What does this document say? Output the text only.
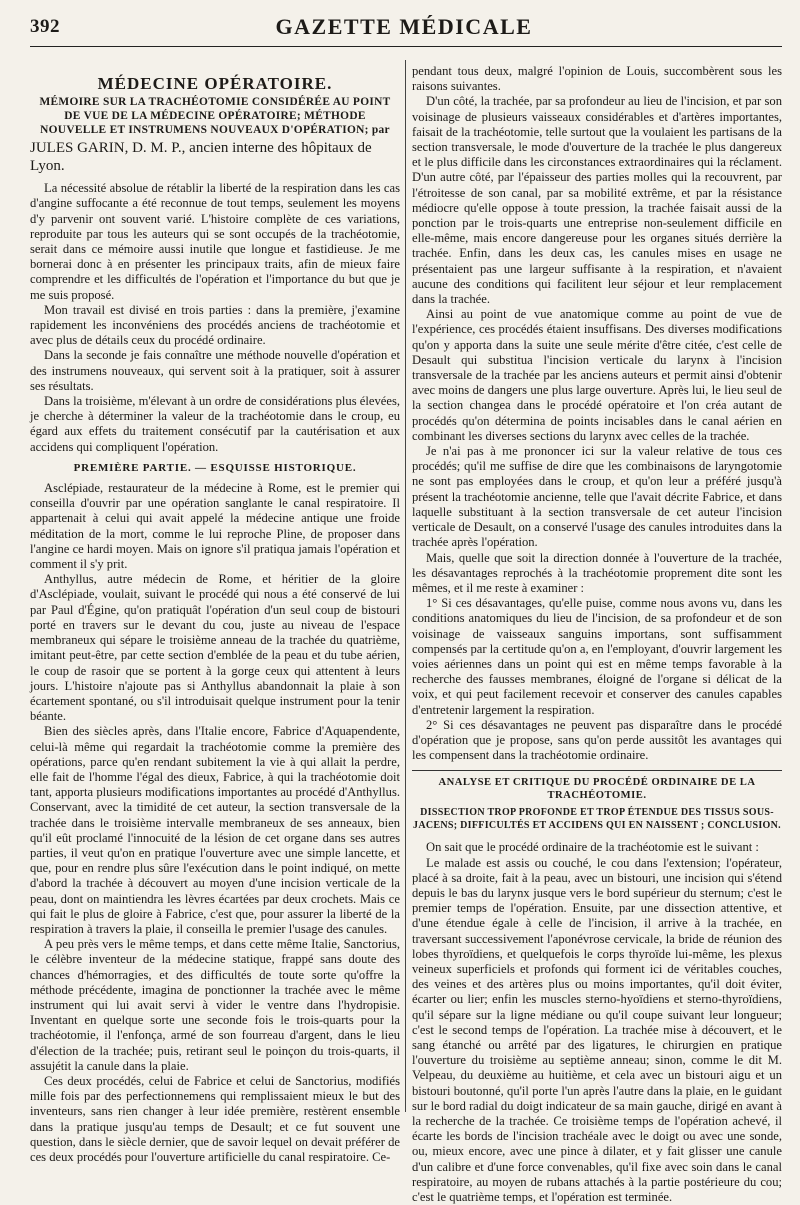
392	GAZETTE MÉDICALE
MÉDECINE OPÉRATOIRE.
MÉMOIRE SUR LA TRACHÉOTOMIE CONSIDÉRÉE AU POINT DE VUE DE LA MÉDECINE OPÉRATOIRE; MÉTHODE NOUVELLE ET INSTRUMENS NOUVEAUX D'OPÉRATION; par
JULES GARIN, D. M. P., ancien interne des hôpitaux de Lyon.

La nécessité absolue de rétablir la liberté de la respiration dans les cas d'angine suffocante a été reconnue de tout temps, seulement les moyens d'y parvenir ont souvent varié. L'histoire complète de ces variations, reproduite par tous les auteurs qui se sont occupés de la trachéotomie, serait dans ce mémoire aussi inutile que longue et fastidieuse. Je me bornerai donc à en présenter les principaux traits, afin de mieux faire comprendre et les difficultés de l'opération et l'importance du but que je me suis proposé.

Mon travail est divisé en trois parties : dans la première, j'examine rapidement les inconvéniens des procédés anciens de trachéotomie et avec plus de détails ceux du procédé ordinaire.

Dans la seconde je fais connaître une méthode nouvelle d'opération et des instrumens nouveaux, qui servent soit à la pratiquer, soit à assurer ses résultats.

Dans la troisième, m'élevant à un ordre de considérations plus élevées, je cherche à déterminer la valeur de la trachéotomie dans le croup, eu égard aux effets du traitement consécutif par la cautérisation et aux accidens qui compliquent l'opération.

PREMIÈRE PARTIE. — ESQUISSE HISTORIQUE.

Asclépiade, restaurateur de la médecine à Rome, est le premier qui conseilla d'ouvrir par une opération sanglante le canal respiratoire. Il appartenait à celui qui avait appelé la médecine antique une froide méditation de la mort, comme le lui reproche Pline, de proposer dans l'angine ce hardi moyen. Mais on ignore s'il pratiqua jamais l'opération et comment il s'y prit.

Anthyllus, autre médecin de Rome, et héritier de la gloire d'Asclépiade, voulait, suivant le procédé qui nous a été conservé de lui par Paul d'Égine, qu'on pratiquât l'opération d'un seul coup de bistouri porté en travers sur le devant du cou, juste au niveau de l'espace membraneux qui sépare le troisième anneau de la trachée du quatrième, imitant peut-être, par cette section d'emblée de la peau et du tube aérien, le coup de rasoir que se portent à la gorge ceux qui attentent à leurs jours. L'histoire n'ajoute pas si Anthyllus abandonnait la plaie à son écartement spontané, ou s'il introduisait quelque instrument pour la tenir béante.

Bien des siècles après, dans l'Italie encore, Fabrice d'Aquapendente, celui-là même qui regardait la trachéotomie comme la première des opérations, parce qu'en rendant subitement la vie à qui allait la perdre, elle fait de l'homme l'égal des dieux, Fabrice, à qui la trachéotomie doit tant, apporta plusieurs modifications importantes au procédé d'Anthyllus. Conservant, avec la timidité de cet auteur, la section transversale de la trachée dans le troisième intervalle membraneux de ses anneaux, bien qu'il eût proclamé l'innocuité de la lésion de cet organe dans ses autres parties, il veut qu'on en pratique l'ouverture avec une simple lancette, et que, pour en rendre plus sûre l'exécution dans le point indiqué, on mette d'abord la trachée à découvert au moyen d'une incision verticale de la peau, dont on maintiendra les lèvres écartées par deux crochets. Mais ce qui fait le plus de gloire à Fabrice, c'est que, pour assurer la liberté de la respiration à travers la plaie, il conseilla le premier l'usage des canules.

A peu près vers le même temps, et dans cette même Italie, Sanctorius, le célèbre inventeur de la médecine statique, frappé sans doute des chances d'hémorragies, et des difficultés de toute sorte qu'offre la méthode précédente, imagina de ponctionner la trachée avec le même instrument qui lui avait servi à vider le ventre dans l'hydropisie. Inventant en quelque sorte une seconde fois le trois-quarts pour la trachéotomie, il l'enfonça, armé de son fourreau d'argent, dans le lieu d'élection de la trachée; puis, retirant seul le poinçon du trois-quarts, il assujétit la canule dans la plaie.

Ces deux procédés, celui de Fabrice et celui de Sanctorius, modifiés mille fois par des perfectionnemens qui remplissaient mieux le but des inventeurs, sans rien changer à leur idée première, restèrent ensemble dans la pratique jusqu'au temps de Desault; et ce fut souvent une question, dans le siècle dernier, que de savoir lequel on devait préférer de ces deux procédés pour l'ouverture artificielle du canal respiratoire. Ce-

pendant tous deux, malgré l'opinion de Louis, succombèrent sous les raisons suivantes.

D'un côté, la trachée, par sa profondeur au lieu de l'incision, et par son voisinage de plusieurs vaisseaux considérables et d'artères importantes, faisait de la trachéotomie, telle surtout que la voulaient les partisans de la section transversale, le mode d'ouverture de la trachée le plus dangereux et le plus difficile dans les circonstances extraordinaires qui la réclament. D'un autre côté, par l'épaisseur des parties molles qui la recouvrent, par l'étroitesse de son canal, par sa mobilité extrême, et par la résistance médiocre qu'elle oppose à toute pression, la trachée faisait aussi de la ponction par le trois-quarts une entreprise non-seulement difficile en elle-même, mais encore dangereuse pour les organes situés derrière la trachée. Enfin, dans les deux cas, les canules mises en usage ne présentaient pas une largeur suffisante à la respiration, et n'avaient aucune des conditions qui facilitent leur séjour et leur remplacement dans la trachée.

Ainsi au point de vue anatomique comme au point de vue de l'expérience, ces procédés étaient insuffisans. Des diverses modifications qu'on y apporta dans la suite une seule mérite d'être citée, c'est celle de Desault qui substitua l'incision verticale du larynx à l'incision transversale de la trachée par les anciens auteurs et permit ainsi d'obtenir avec moins de dangers une plus large ouverture. Après lui, le lieu seul de la section changea dans le procédé opératoire et l'on créa autant de procédés qu'on détermina de points incisables dans le canal aérien en combinant les diverses sections du larynx avec celles de la trachée.

Je n'ai pas à me prononcer ici sur la valeur relative de tous ces procédés; qu'il me suffise de dire que les combinaisons de laryngotomie ne sont pas employées dans le croup, et qu'on leur a préféré jusqu'à présent la trachéotomie ancienne, telle que l'avait décrite Fabrice, et dans laquelle substituant à la section transversale de cet auteur l'incision verticale de Desault, on a conservé l'usage des canules introduites dans la trachée après l'opération.

Mais, quelle que soit la direction donnée à l'ouverture de la trachée, les désavantages reprochés à la trachéotomie proprement dite sont les mêmes, et il me reste à examiner :

1° Si ces désavantages, qu'elle puise, comme nous avons vu, dans les conditions anatomiques du lieu de l'incision, de sa profondeur et de son voisinage de vaisseaux sanguins importans, sont suffisamment compensés par la certitude qu'on a, en l'employant, d'ouvrir largement les voies aériennes dans un point qui est en même temps favorable à la recherche des fausses membranes, éloigné de l'organe si délicat de la voix, et qui peut facilement recevoir et conserver des canules capables d'entretenir largement la respiration.

2° Si ces désavantages ne peuvent pas disparaître dans le procédé d'opération que je propose, sans qu'on perde aussitôt les avantages qui les compensent dans la trachéotomie ordinaire.

ANALYSE ET CRITIQUE DU PROCÉDÉ ORDINAIRE DE LA TRACHÉOTOMIE.
DISSECTION TROP PROFONDE ET TROP ÉTENDUE DES TISSUS SOUS-JACENS; DIFFICULTÉS ET ACCIDENS QUI EN NAISSENT ; CONCLUSION.

On sait que le procédé ordinaire de la trachéotomie est le suivant :

Le malade est assis ou couché, le cou dans l'extension; l'opérateur, placé à sa droite, fait à la peau, avec un bistouri, une incision qui s'étend depuis le bas du larynx jusque vers le bord supérieur du sternum; c'est le premier temps de l'opération. Ensuite, par une dissection attentive, et d'une étendue égale à celle de l'incision, il arrive à la trachée, en traversant successivement l'aponévrose cervicale, la bride de réunion des lobes thyroïdiens, et quelquefois le corps thyroïde lui-même, les plexus veineux superficiels et profonds qui forment ici de véritables couches, des veines et des artères plus ou moins importantes, qu'il doit éviter, écarter ou lier; enfin les muscles sterno-hyoïdiens et sterno-thyroïdiens, qu'il sépare sur la ligne médiane ou qu'il coupe suivant leur longueur; c'est le second temps de l'opération. La trachée mise à découvert, et le sang étanché ou arrêté par des ligatures, le chirurgien en pratique l'ouverture du troisième au septième anneau; sinon, comme le dit M. Velpeau, du deuxième au huitième, et cela avec un bistouri aigu et un bistouri boutonné, qu'il porte l'un après l'autre dans la plaie, en le guidant sur le bord radial du doigt indicateur de sa main gauche, dirigé en avant à la recherche de la trachée. Ce troisième temps de l'opération achevé, il écarte les bords de l'incision trachéale avec le doigt ou avec une sonde, ou, mieux encore, avec une pince à dilater, et y fait glisser une canule d'un calibre et d'une force convenables, qu'il fixe avec soin dans le canal respiratoire, au moyen de rubans attachés à la partie postérieure du cou; c'est le quatrième temps, et l'opération est terminée.
